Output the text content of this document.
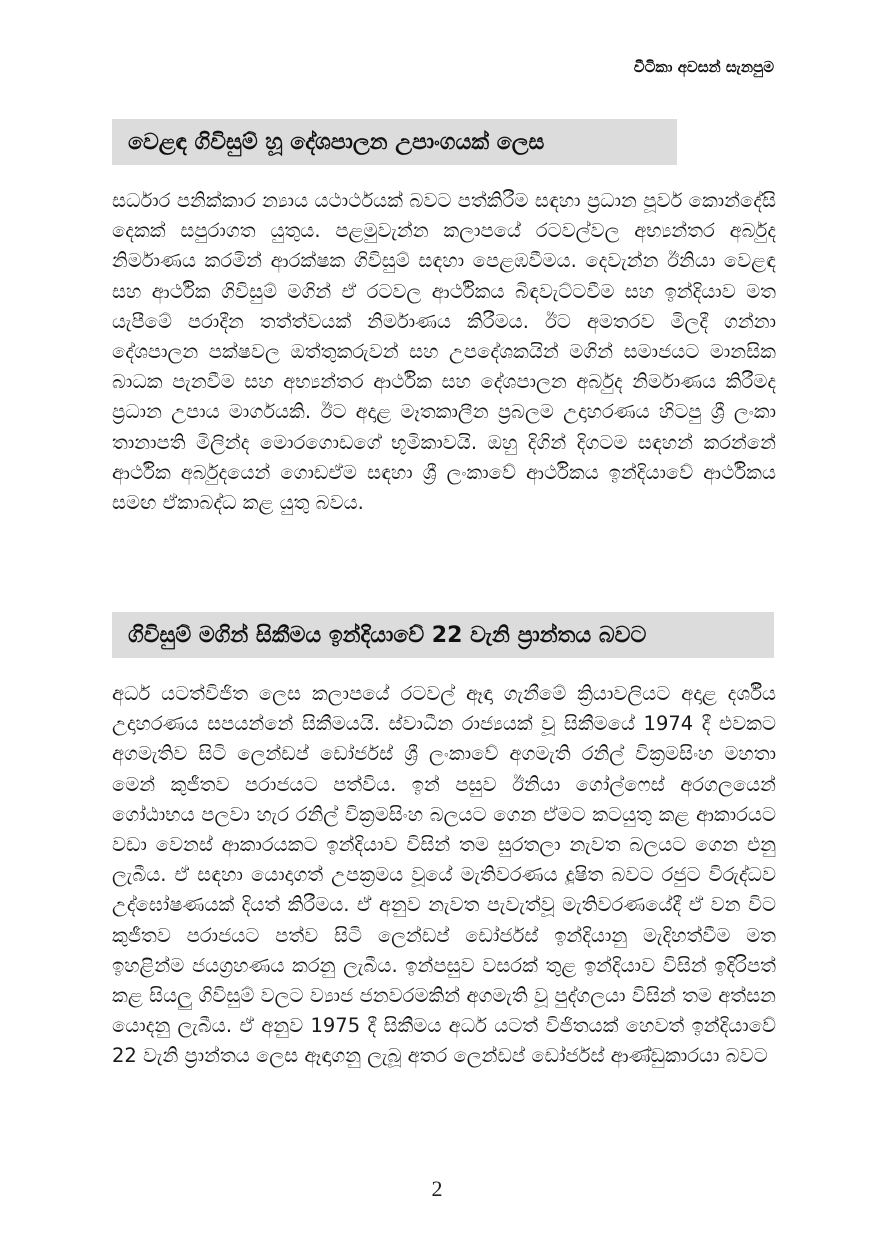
වීටිකා අවසන් සැනපුම
වෙළඳ ගිවිසුම් හූ දේශපාලන උපාංගයක් ලෙස
සර්ධාර පනික්කාර න්‍යාය යථාර්ථයක් බවට පත්කිරීම සඳහා ප්‍රධාන පූර්ව කොන්දේසි දෙකක් සපුරාගත යුතුය. පළමුවැන්න කලාපයේ රටවල්වල අභ්‍යන්තර අර්බුද නිර්මාණය කරමින් ආරක්ෂක ගිවිසුම් සඳහා පෙළඹවීමය. දෙවැන්න ඊනියා වෙළඳ සහ ආර්ථික ගිවිසුම් මගින් ඒ රටවල ආර්ථිකය බිඳවැට්ටවීම සහ ඉන්දියාව මත යැපීමේ පරාදීන තත්ත්වයක් නිර්මාණය කිරීමය. ඊට අමතරව මිලදී ගන්නා දේශපාලන පක්ෂවල ඔත්තුකරුවන් සහ උපදේශකයින් මගින් සමාජයට මානසික බාධක පැනවීම සහ අභ්‍යන්තර ආර්ථික සහ දේශපාලන අර්බුද නිර්මාණය කිරීමද ප්‍රධාන උපාය මාර්ගයකි. ඊට අදාළ මෑතකාලීන ප්‍රබලම උදාහරණය හිටපු ශ්‍රී ලංකා තානාපති මිලින්ද මොරගොඩගේ භූමිකාවයි. ඔහු දිගින් දිගටම සඳහන් කරන්නේ ආර්ථික අර්බුදයෙන් ගොඩඒම සඳහා ශ්‍රී ලංකාවේ ආර්ථිකය ඉන්දියාවේ ආර්ථිකය සමඟ ඒකාබද්ධ කළ යුතු බවය.
ගිවිසුම් මගින් සිකීමය ඉන්දියාවේ 22 වැනි ප්‍රාන්තය බවට
අර්ධ යටත්විජිත ලෙස කලාපයේ රටවල් ඈඳා ගැනීමේ ක්‍රියාවලියට අදාළ දර්ශීය උදාහරණය සපයන්නේ සිකීමයයි. ස්වාධීන රාජ්‍යයක් වූ සිකීමයේ 1974 දී එවකට අගමැතිව සිටි ලෙන්ඩප් ඩෝර්ජස් ශ්‍රී ලංකාවේ අගමැති රනිල් වික්‍රමසිංහ මහතා මෙන් කුජීතව පරාජයට පත්විය. ඉන් පසුව ඊනියා ගෝල්ෆෙස් අරගලයෙන් ගෝඨාභය පලවා හැර රනිල් වික්‍රමසිංහ බලයට ගෙන ඒමට කටයුතු කළ ආකාරයට වඩා වෙනස් ආකාරයකට ඉන්දියාව විසින් තම සුරතලා නැවත බලයට ගෙන එනු ලැබීය. ඒ සඳහා යොදාගත් උපක්‍රමය වූයේ මැතිවරණය දූෂිත බවට රජුට විරුද්ධව උද්ඝෝෂණයක් දියත් කිරීමය. ඒ අනුව නැවත පැවැත්වූ මැතිවරණයේදී ඒ වන විට කුජීතව පරාජයට පත්ව සිටි ලෙන්ඩප් ඩෝර්ජස් ඉන්දියානු මැදිහත්වීම මත ඉහළින්ම ජයග්‍රහණය කරනු ලැබීය. ඉන්පසුව වසරක් තුළ ඉන්දියාව විසින් ඉදිරිපත් කළ සියලු ගිවිසුම් වලට ව්‍යාජ ජනවරමකින් අගමැති වූ පුද්ගලයා විසින් තම අත්සන යොදනු ලැබීය. ඒ අනුව 1975 දී සිකීමය අර්ධ යටත් විජිතයක් හෙවත් ඉන්දියාවේ 22 වැනි ප්‍රාන්තය ලෙස ඈඳාගනු ලැබූ අතර ලෙන්ඩප් ඩෝර්ජස් ආණ්ඩුකාරයා බවට
2
